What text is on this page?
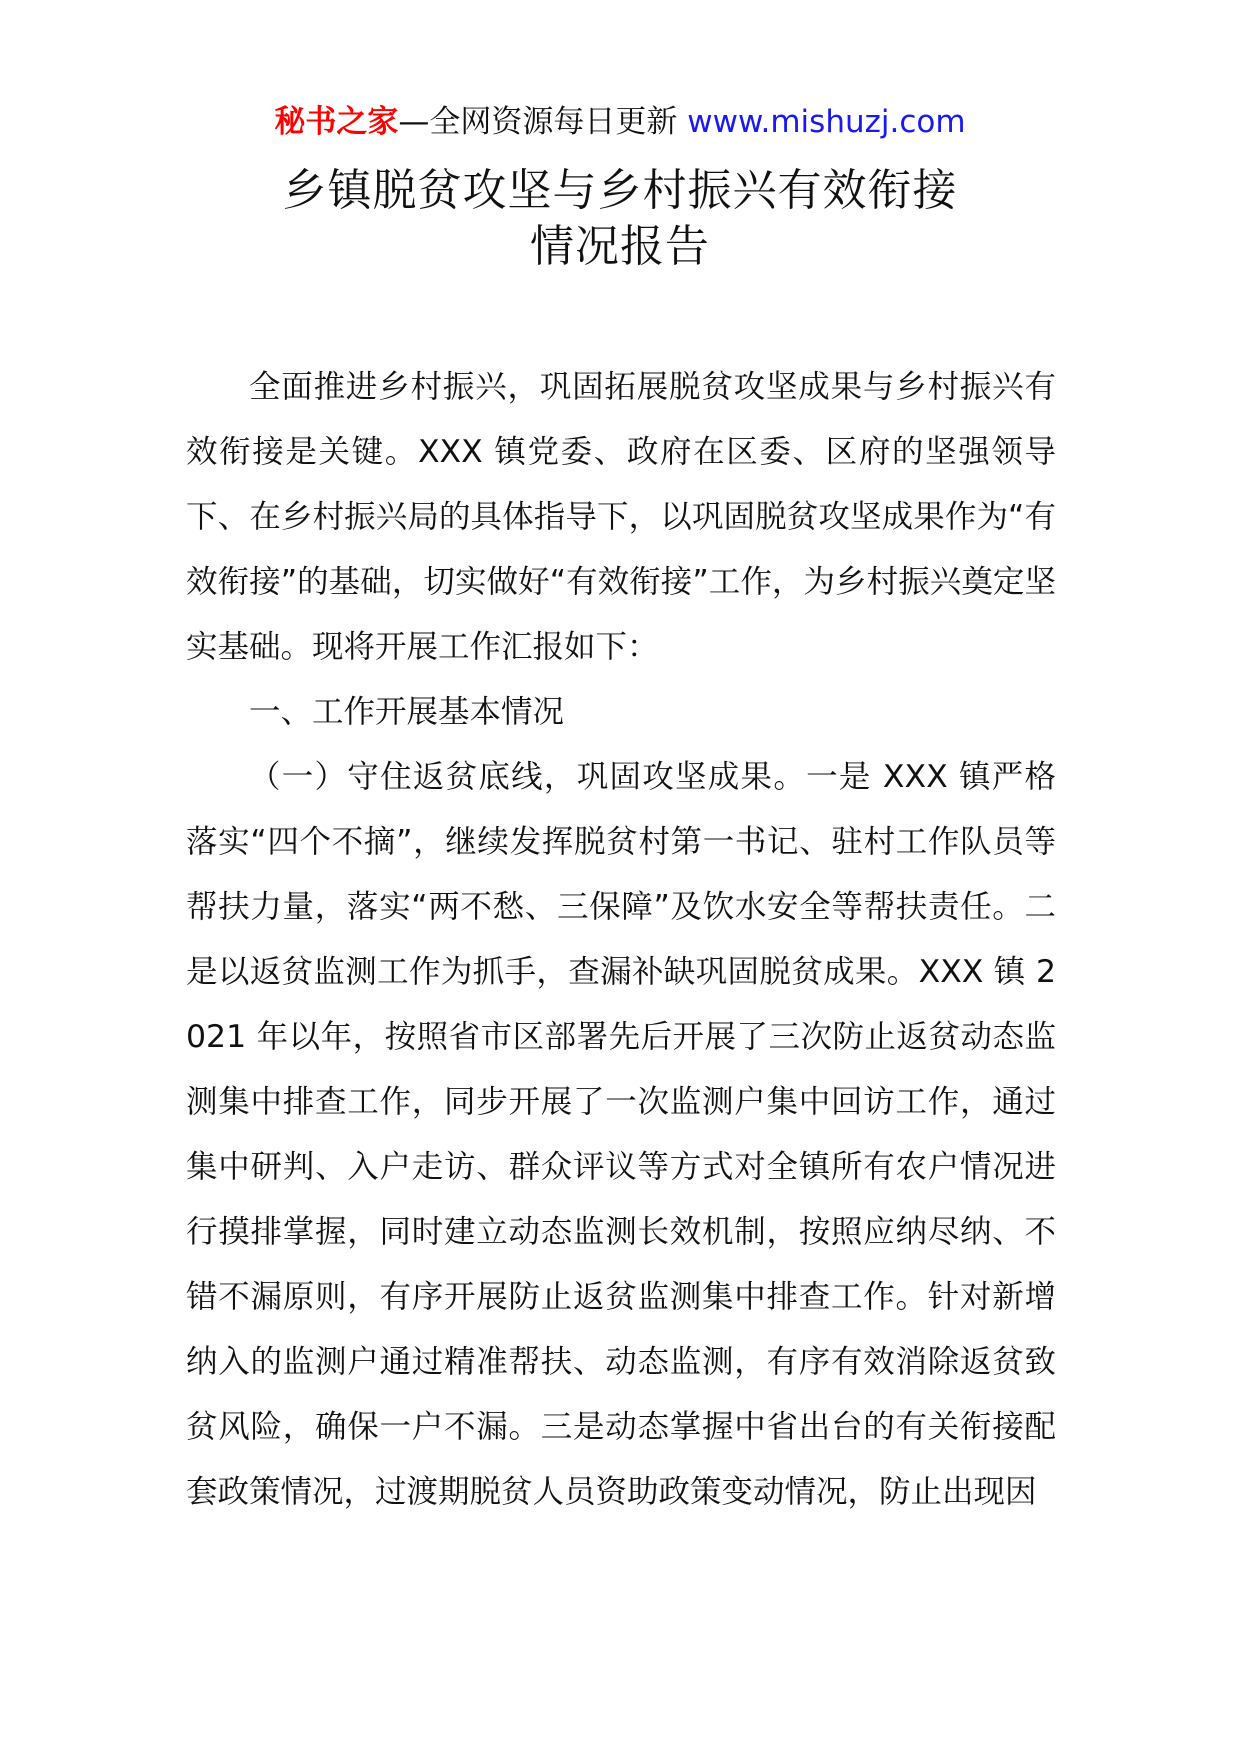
秘书之家—全网资源每日更新 www.mishuzj.com
乡镇脱贫攻坚与乡村振兴有效衔接
情况报告

全面推进乡村振兴，巩固拓展脱贫攻坚成果与乡村振兴有效衔接是关键。XXX 镇党委、政府在区委、区府的坚强领导下、在乡村振兴局的具体指导下，以巩固脱贫攻坚成果作为“有效衔接”的基础，切实做好“有效衔接”工作，为乡村振兴奠定坚实基础。现将开展工作汇报如下：

一、工作开展基本情况

（一）守住返贫底线，巩固攻坚成果。一是 XXX 镇严格落实“四个不摘”，继续发挥脱贫村第一书记、驻村工作队员等帮扶力量，落实“两不愁、三保障”及饮水安全等帮扶责任。二是以返贫监测工作为抓手，查漏补缺巩固脱贫成果。XXX 镇 2021 年以年，按照省市区部署先后开展了三次防止返贫动态监测集中排查工作，同步开展了一次监测户集中回访工作，通过集中研判、入户走访、群众评议等方式对全镇所有农户情况进行摸排掌握，同时建立动态监测长效机制，按照应纳尽纳、不错不漏原则，有序开展防止返贫监测集中排查工作。针对新增纳入的监测户通过精准帮扶、动态监测，有序有效消除返贫致贫风险，确保一户不漏。三是动态掌握中省出台的有关衔接配套政策情况，过渡期脱贫人员资助政策变动情况，防止出现因
